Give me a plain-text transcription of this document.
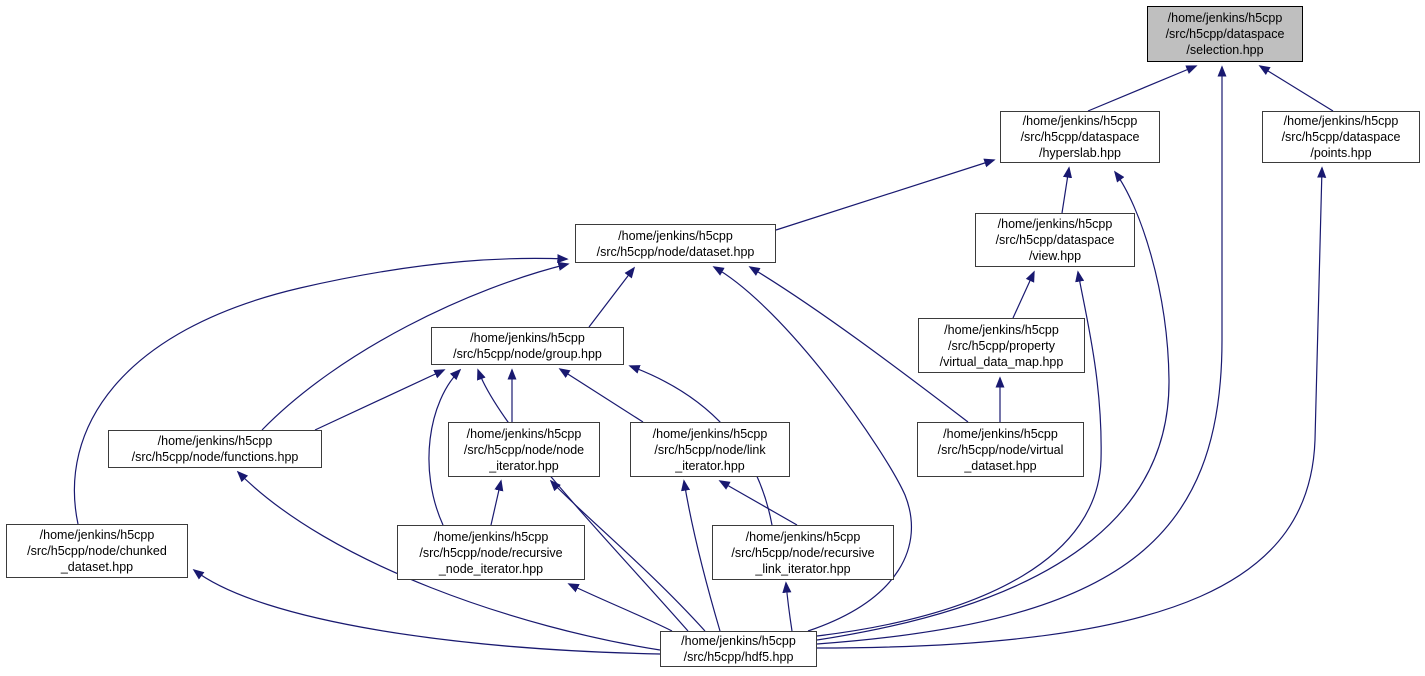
/home/jenkins/h5cpp
/src/h5cpp/dataspace
/selection.hpp
/home/jenkins/h5cpp
/src/h5cpp/dataspace
/hyperslab.hpp
/home/jenkins/h5cpp
/src/h5cpp/dataspace
/points.hpp
/home/jenkins/h5cpp
/src/h5cpp/node/dataset.hpp
/home/jenkins/h5cpp
/src/h5cpp/dataspace
/view.hpp
/home/jenkins/h5cpp
/src/h5cpp/node/group.hpp
/home/jenkins/h5cpp
/src/h5cpp/property
/virtual_data_map.hpp
/home/jenkins/h5cpp
/src/h5cpp/node/functions.hpp
/home/jenkins/h5cpp
/src/h5cpp/node/node
_iterator.hpp
/home/jenkins/h5cpp
/src/h5cpp/node/link
_iterator.hpp
/home/jenkins/h5cpp
/src/h5cpp/node/virtual
_dataset.hpp
/home/jenkins/h5cpp
/src/h5cpp/node/chunked
_dataset.hpp
/home/jenkins/h5cpp
/src/h5cpp/node/recursive
_node_iterator.hpp
/home/jenkins/h5cpp
/src/h5cpp/node/recursive
_link_iterator.hpp
/home/jenkins/h5cpp
/src/h5cpp/hdf5.hpp
